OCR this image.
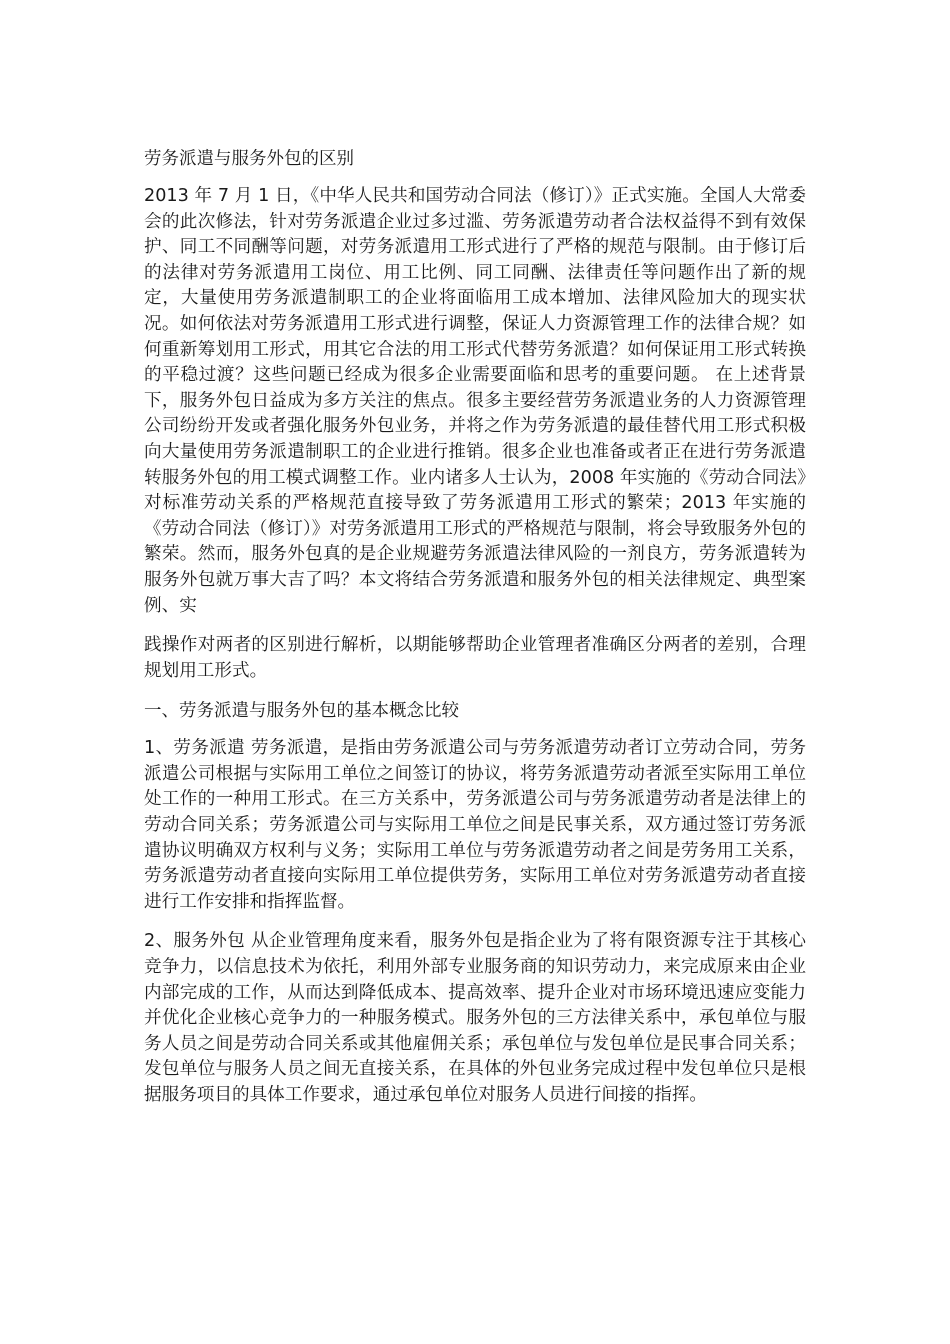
劳务派遣与服务外包的区别
2013 年 7 月 1 日，《中华人民共和国劳动合同法（修订）》正式实施。全国人大常委会的此次修法，针对劳务派遣企业过多过滥、劳务派遣劳动者合法权益得不到有效保护、同工不同酬等问题，对劳务派遣用工形式进行了严格的规范与限制。由于修订后的法律对劳务派遣用工岗位、用工比例、同工同酬、法律责任等问题作出了新的规定，大量使用劳务派遣制职工的企业将面临用工成本增加、法律风险加大的现实状况。如何依法对劳务派遣用工形式进行调整，保证人力资源管理工作的法律合规？如何重新筹划用工形式，用其它合法的用工形式代替劳务派遣？如何保证用工形式转换的平稳过渡？这些问题已经成为很多企业需要面临和思考的重要问题。 在上述背景下，服务外包日益成为多方关注的焦点。很多主要经营劳务派遣业务的人力资源管理公司纷纷开发或者强化服务外包业务，并将之作为劳务派遣的最佳替代用工形式积极向大量使用劳务派遣制职工的企业进行推销。很多企业也准备或者正在进行劳务派遣转服务外包的用工模式调整工作。业内诸多人士认为，2008 年实施的《劳动合同法》对标准劳动关系的严格规范直接导致了劳务派遣用工形式的繁荣；2013 年实施的《劳动合同法（修订）》对劳务派遣用工形式的严格规范与限制，将会导致服务外包的繁荣。然而，服务外包真的是企业规避劳务派遣法律风险的一剂良方，劳务派遣转为服务外包就万事大吉了吗？本文将结合劳务派遣和服务外包的相关法律规定、典型案例、实
践操作对两者的区别进行解析，以期能够帮助企业管理者准确区分两者的差别，合理规划用工形式。
一、劳务派遣与服务外包的基本概念比较
1、劳务派遣 劳务派遣，是指由劳务派遣公司与劳务派遣劳动者订立劳动合同，劳务派遣公司根据与实际用工单位之间签订的协议，将劳务派遣劳动者派至实际用工单位处工作的一种用工形式。在三方关系中，劳务派遣公司与劳务派遣劳动者是法律上的劳动合同关系；劳务派遣公司与实际用工单位之间是民事关系，双方通过签订劳务派遣协议明确双方权利与义务；实际用工单位与劳务派遣劳动者之间是劳务用工关系，劳务派遣劳动者直接向实际用工单位提供劳务，实际用工单位对劳务派遣劳动者直接进行工作安排和指挥监督。
2、服务外包 从企业管理角度来看，服务外包是指企业为了将有限资源专注于其核心竞争力，以信息技术为依托，利用外部专业服务商的知识劳动力，来完成原来由企业内部完成的工作，从而达到降低成本、提高效率、提升企业对市场环境迅速应变能力并优化企业核心竞争力的一种服务模式。服务外包的三方法律关系中，承包单位与服务人员之间是劳动合同关系或其他雇佣关系；承包单位与发包单位是民事合同关系；发包单位与服务人员之间无直接关系，在具体的外包业务完成过程中发包单位只是根据服务项目的具体工作要求，通过承包单位对服务人员进行间接的指挥。
